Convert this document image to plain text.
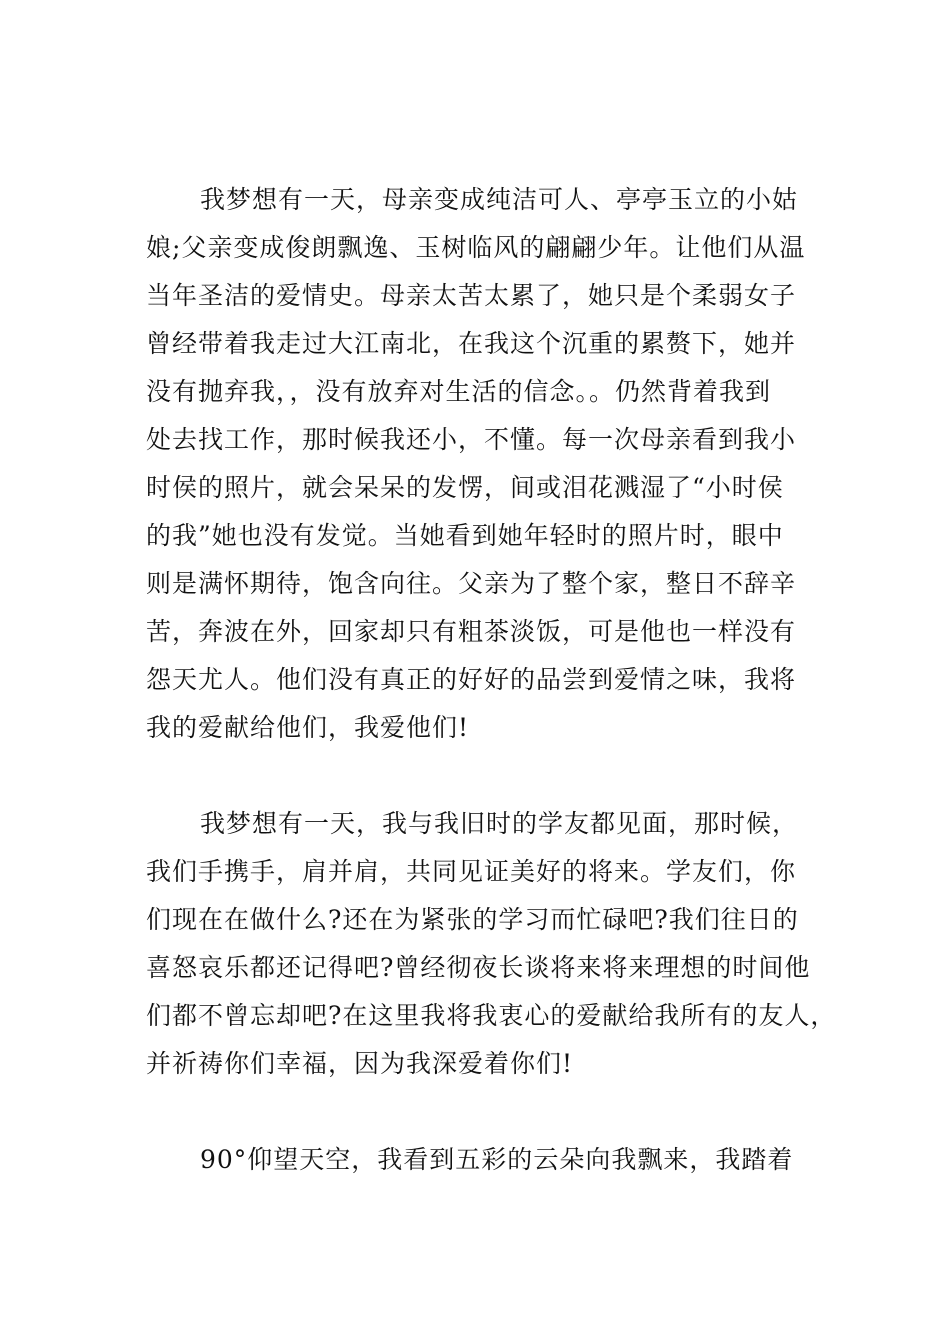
我梦想有一天，母亲变成纯洁可人、亭亭玉立的小姑
娘;父亲变成俊朗飘逸、玉树临风的翩翩少年。让他们从温
当年圣洁的爱情史。母亲太苦太累了，她只是个柔弱女子
曾经带着我走过大江南北，在我这个沉重的累赘下，她并
没有抛弃我，，没有放弃对生活的信念。。仍然背着我到
处去找工作，那时候我还小，不懂。每一次母亲看到我小
时侯的照片，就会呆呆的发愣，间或泪花溅湿了“小时侯
的我”她也没有发觉。当她看到她年轻时的照片时，眼中
则是满怀期待，饱含向往。父亲为了整个家，整日不辞辛
苦，奔波在外，回家却只有粗茶淡饭，可是他也一样没有
怨天尤人。他们没有真正的好好的品尝到爱情之味，我将
我的爱献给他们，我爱他们!
我梦想有一天，我与我旧时的学友都见面，那时候，
我们手携手，肩并肩，共同见证美好的将来。学友们，你
们现在在做什么?还在为紧张的学习而忙碌吧?我们往日的
喜怒哀乐都还记得吧?曾经彻夜长谈将来将来理想的时间他
们都不曾忘却吧?在这里我将我衷心的爱献给我所有的友人，
并祈祷你们幸福，因为我深爱着你们!
90°仰望天空，我看到五彩的云朵向我飘来，我踏着
